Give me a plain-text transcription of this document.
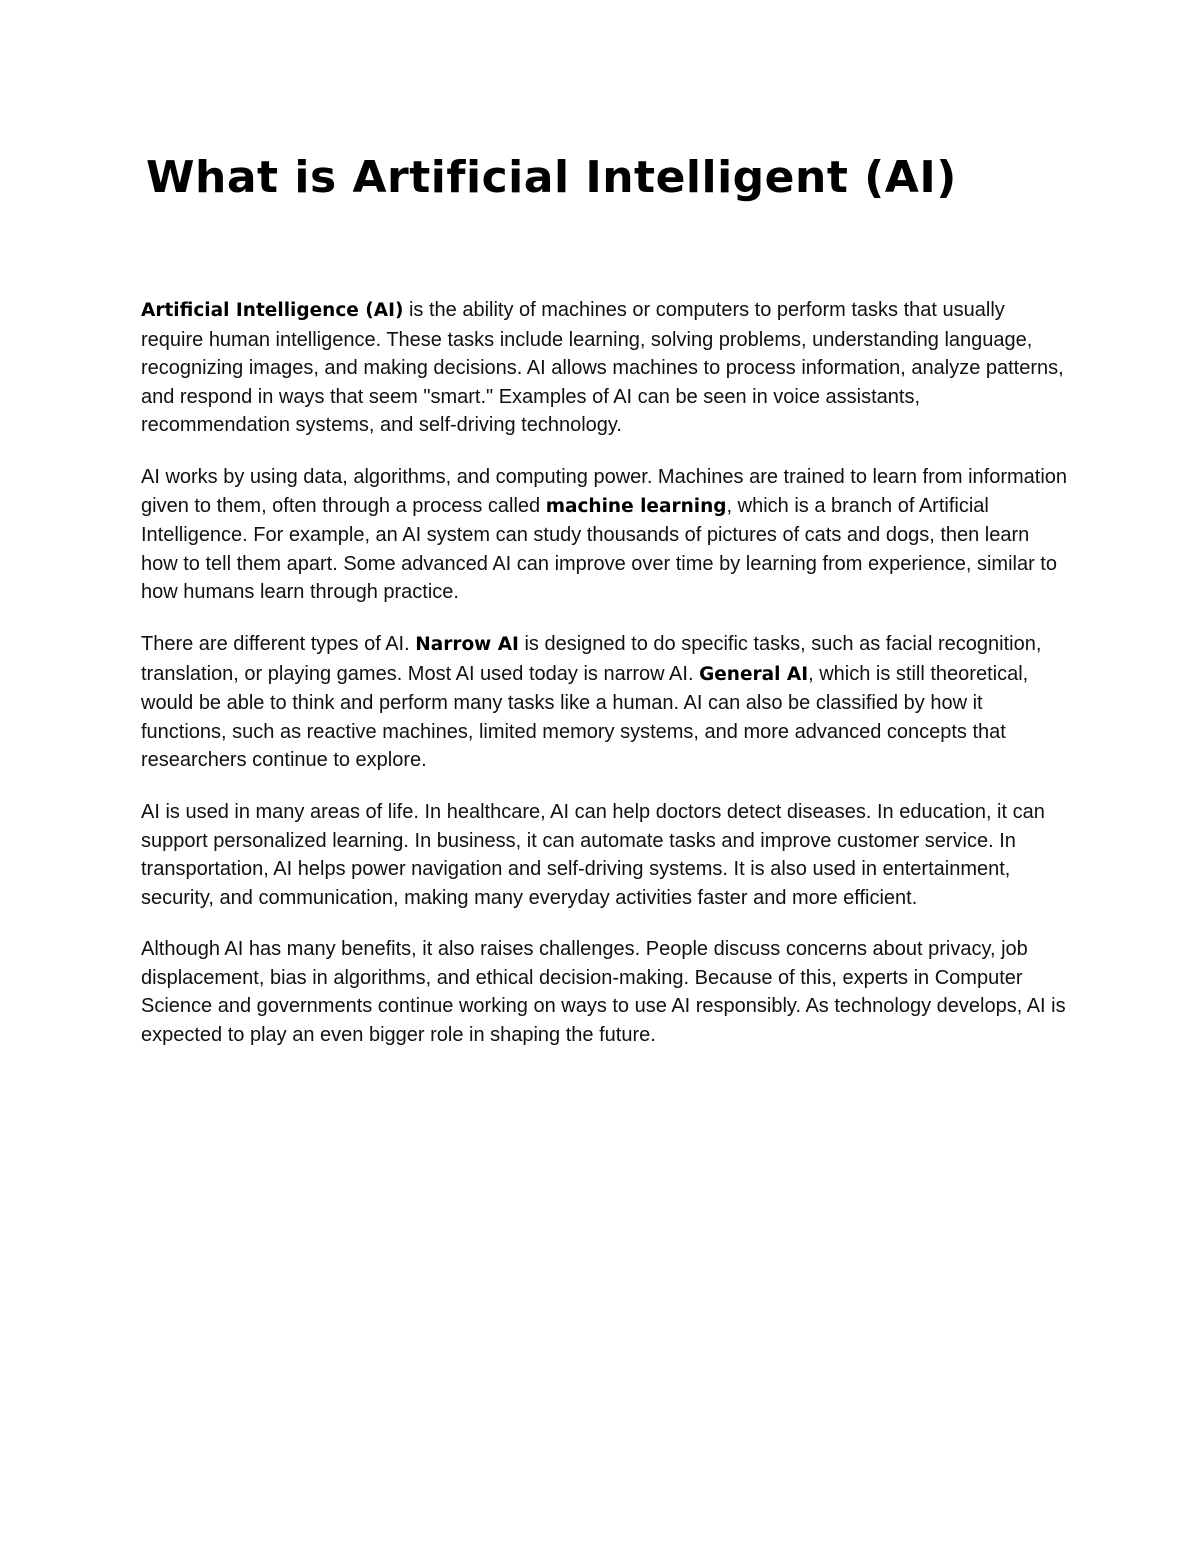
What is Artificial Intelligent (AI)

Artificial Intelligence (AI) is the ability of machines or computers to perform tasks that usually require human intelligence. These tasks include learning, solving problems, understanding language, recognizing images, and making decisions. AI allows machines to process information, analyze patterns, and respond in ways that seem "smart." Examples of AI can be seen in voice assistants, recommendation systems, and self-driving technology.

AI works by using data, algorithms, and computing power. Machines are trained to learn from information given to them, often through a process called machine learning, which is a branch of Artificial Intelligence. For example, an AI system can study thousands of pictures of cats and dogs, then learn how to tell them apart. Some advanced AI can improve over time by learning from experience, similar to how humans learn through practice.

There are different types of AI. Narrow AI is designed to do specific tasks, such as facial recognition, translation, or playing games. Most AI used today is narrow AI. General AI, which is still theoretical, would be able to think and perform many tasks like a human. AI can also be classified by how it functions, such as reactive machines, limited memory systems, and more advanced concepts that researchers continue to explore.

AI is used in many areas of life. In healthcare, AI can help doctors detect diseases. In education, it can support personalized learning. In business, it can automate tasks and improve customer service. In transportation, AI helps power navigation and self-driving systems. It is also used in entertainment, security, and communication, making many everyday activities faster and more efficient.

Although AI has many benefits, it also raises challenges. People discuss concerns about privacy, job displacement, bias in algorithms, and ethical decision-making. Because of this, experts in Computer Science and governments continue working on ways to use AI responsibly. As technology develops, AI is expected to play an even bigger role in shaping the future.
